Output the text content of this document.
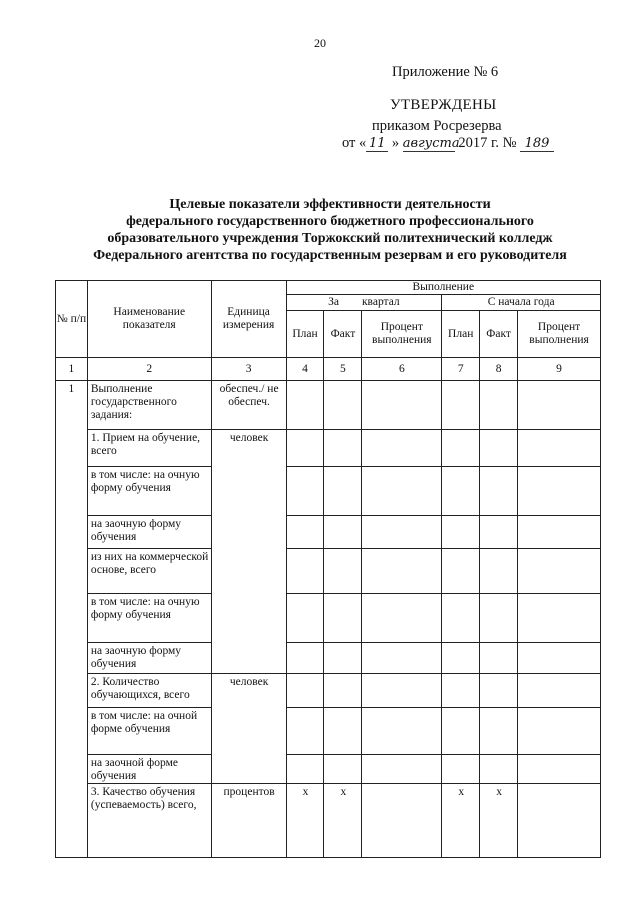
20
Приложение № 6
УТВЕРЖДЕНЫ
приказом Росрезерва
от « 11 » августа 2017 г. № 189
Целевые показатели эффективности деятельности
федерального государственного бюджетного профессионального
образовательного учреждения Торжокский политехнический колледж
Федерального агентства по государственным резервам и его руководителя
№ п/п	Наименование показателя	Единица измерения	Выполнение					
			За        квартал			С начала года		
			План	Факт	Процент выполнения	План	Факт	Процент выполнения
1	2	3	4	5	6	7	8	9
1	Выполнение государственного задания:	обеспеч./ не обеспеч.						

	1. Прием на обучение, всего	человек						

	в том числе: на очную форму обучения							

	на заочную форму обучения							

	из них на коммерческой основе, всего							

	в том числе: на очную форму обучения							

	на заочную форму обучения							

	2. Количество обучающихся, всего	человек						

	в том числе: на очной форме обучения							

	на заочной форме обучения							

	3. Качество обучения (успеваемость) всего,	процентов	х	х		х	х	
